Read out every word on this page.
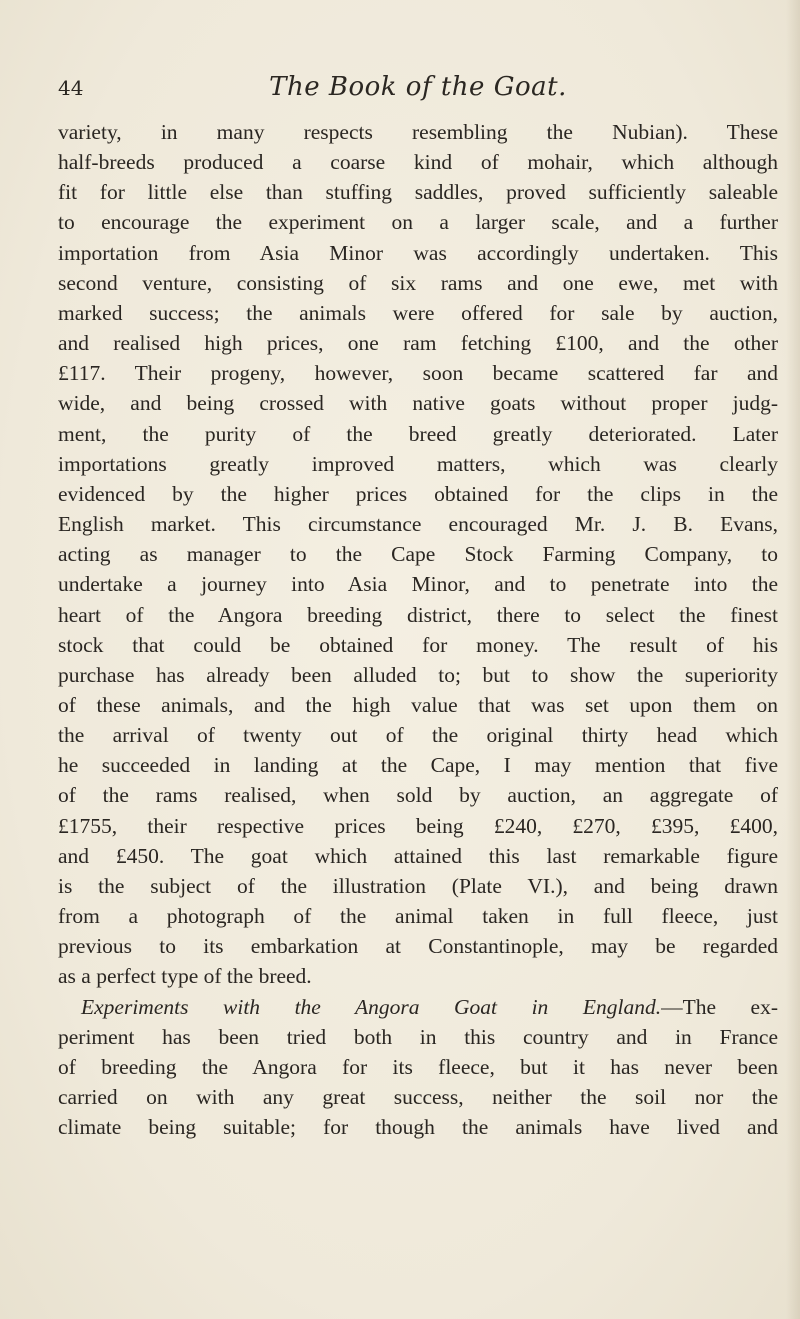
44	The Book of the Goat.
variety, in many respects resembling the Nubian). These
half-breeds produced a coarse kind of mohair, which although
fit for little else than stuffing saddles, proved sufficiently saleable
to encourage the experiment on a larger scale, and a further
importation from Asia Minor was accordingly undertaken. This
second venture, consisting of six rams and one ewe, met with
marked success; the animals were offered for sale by auction,
and realised high prices, one ram fetching £100, and the other
£117. Their progeny, however, soon became scattered far and
wide, and being crossed with native goats without proper judg-
ment, the purity of the breed greatly deteriorated. Later
importations greatly improved matters, which was clearly
evidenced by the higher prices obtained for the clips in the
English market. This circumstance encouraged Mr. J. B. Evans,
acting as manager to the Cape Stock Farming Company, to
undertake a journey into Asia Minor, and to penetrate into the
heart of the Angora breeding district, there to select the finest
stock that could be obtained for money. The result of his
purchase has already been alluded to; but to show the superiority
of these animals, and the high value that was set upon them on
the arrival of twenty out of the original thirty head which
he succeeded in landing at the Cape, I may mention that five
of the rams realised, when sold by auction, an aggregate of
£1755, their respective prices being £240, £270, £395, £400,
and £450. The goat which attained this last remarkable figure
is the subject of the illustration (Plate VI.), and being drawn
from a photograph of the animal taken in full fleece, just
previous to its embarkation at Constantinople, may be regarded
as a perfect type of the breed.
Experiments with the Angora Goat in England.—The ex-
periment has been tried both in this country and in France
of breeding the Angora for its fleece, but it has never been
carried on with any great success, neither the soil nor the
climate being suitable; for though the animals have lived and
